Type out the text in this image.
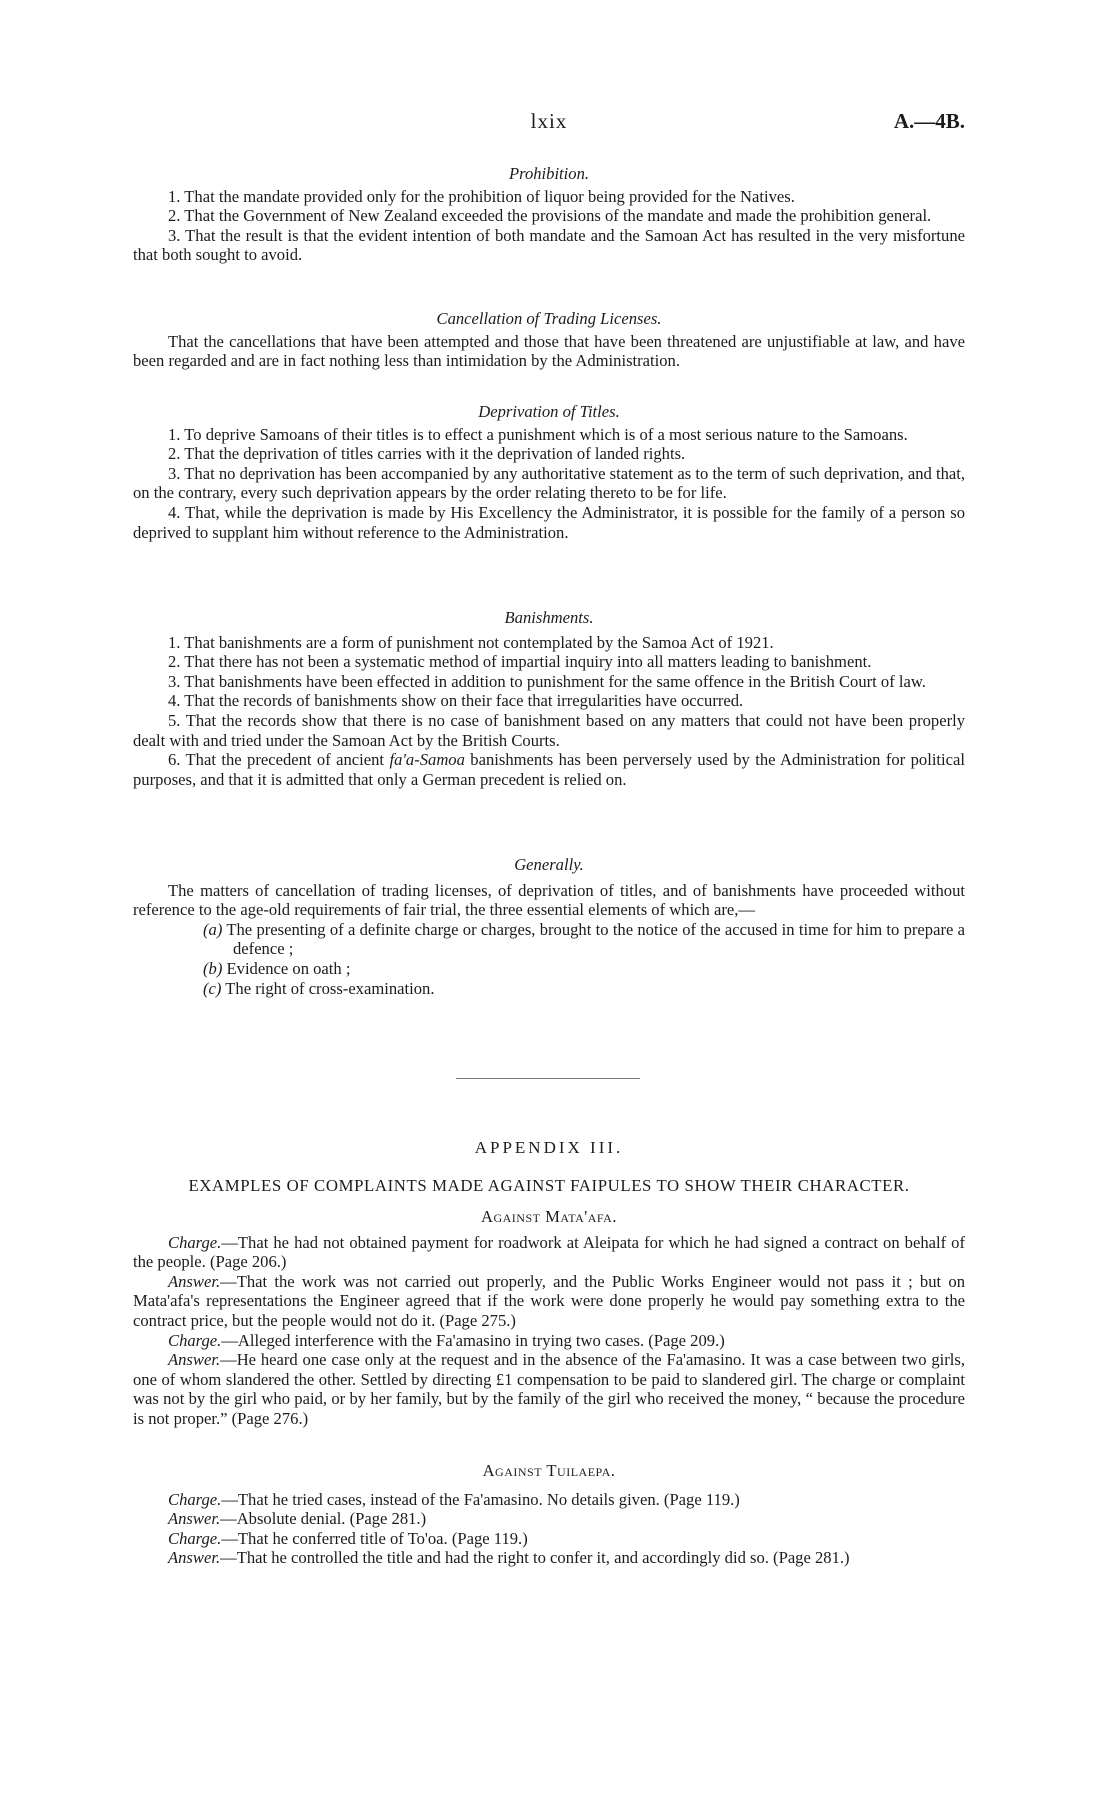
lxix	A.—4B.
Prohibition.

1. That the mandate provided only for the prohibition of liquor being provided for the Natives.

2. That the Government of New Zealand exceeded the provisions of the mandate and made the prohibition general.

3. That the result is that the evident intention of both mandate and the Samoan Act has resulted in the very misfortune that both sought to avoid.

Cancellation of Trading Licenses.

That the cancellations that have been attempted and those that have been threatened are unjustifiable at law, and have been regarded and are in fact nothing less than intimidation by the Administration.

Deprivation of Titles.

1. To deprive Samoans of their titles is to effect a punishment which is of a most serious nature to the Samoans.

2. That the deprivation of titles carries with it the deprivation of landed rights.

3. That no deprivation has been accompanied by any authoritative statement as to the term of such deprivation, and that, on the contrary, every such deprivation appears by the order relating thereto to be for life.

4. That, while the deprivation is made by His Excellency the Administrator, it is possible for the family of a person so deprived to supplant him without reference to the Administration.

Banishments.

1. That banishments are a form of punishment not contemplated by the Samoa Act of 1921.

2. That there has not been a systematic method of impartial inquiry into all matters leading to banishment.

3. That banishments have been effected in addition to punishment for the same offence in the British Court of law.

4. That the records of banishments show on their face that irregularities have occurred.

5. That the records show that there is no case of banishment based on any matters that could not have been properly dealt with and tried under the Samoan Act by the British Courts.

6. That the precedent of ancient fa'a-Samoa banishments has been perversely used by the Administration for political purposes, and that it is admitted that only a German precedent is relied on.

Generally.

The matters of cancellation of trading licenses, of deprivation of titles, and of banishments have proceeded without reference to the age-old requirements of fair trial, the three essential elements of which are,—

(a) The presenting of a definite charge or charges, brought to the notice of the accused in time for him to prepare a defence ;
(b) Evidence on oath ;
(c) The right of cross-examination.
APPENDIX III.
EXAMPLES OF COMPLAINTS MADE AGAINST FAIPULES TO SHOW THEIR CHARACTER.
Against Mata'afa.

Charge.—That he had not obtained payment for roadwork at Aleipata for which he had signed a contract on behalf of the people. (Page 206.)

Answer.—That the work was not carried out properly, and the Public Works Engineer would not pass it ; but on Mata'afa's representations the Engineer agreed that if the work were done properly he would pay something extra to the contract price, but the people would not do it. (Page 275.)

Charge.—Alleged interference with the Fa'amasino in trying two cases. (Page 209.)

Answer.—He heard one case only at the request and in the absence of the Fa'amasino. It was a case between two girls, one of whom slandered the other. Settled by directing £1 compensation to be paid to slandered girl. The charge or complaint was not by the girl who paid, or by her family, but by the family of the girl who received the money, “ because the procedure is not proper.” (Page 276.)

Against Tuilaepa.

Charge.—That he tried cases, instead of the Fa'amasino. No details given. (Page 119.)

Answer.—Absolute denial. (Page 281.)

Charge.—That he conferred title of To'oa. (Page 119.)

Answer.—That he controlled the title and had the right to confer it, and accordingly did so. (Page 281.)
